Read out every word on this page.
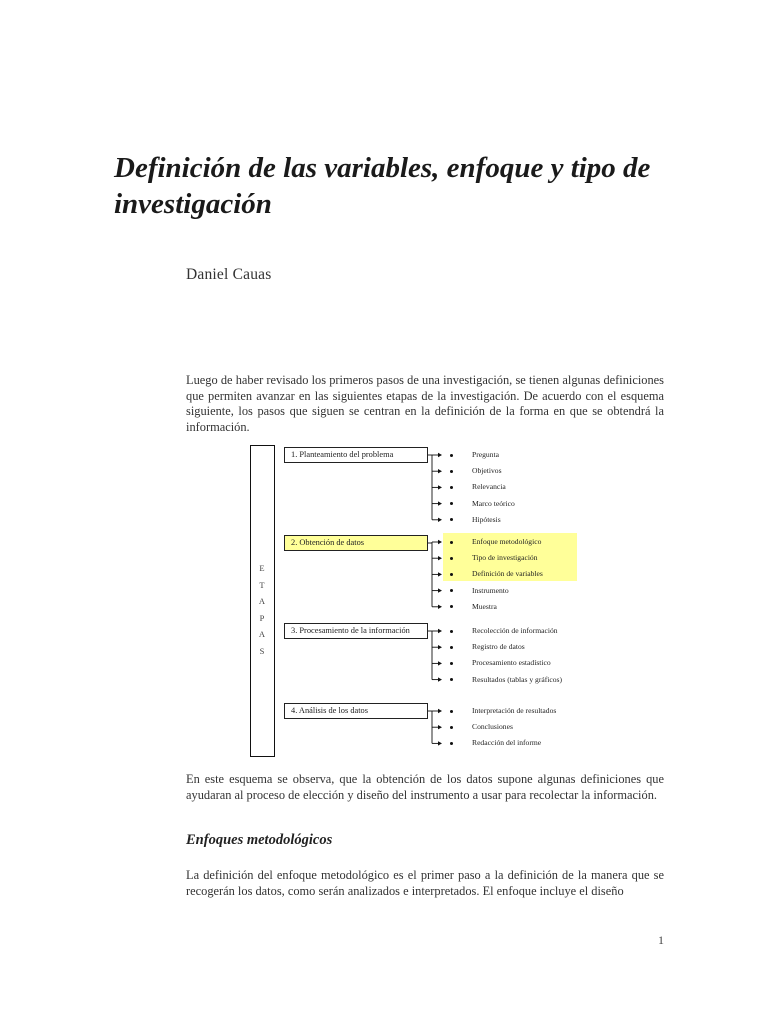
Definición de las variables, enfoque y tipo de investigación

Daniel Cauas

Luego de haber revisado los primeros pasos de una investigación, se tienen algunas definiciones que permiten avanzar en las siguientes etapas de la investigación. De acuerdo con el esquema siguiente, los pasos que siguen se centran en la definición de la forma en que se obtendrá la información.

E
T
A
P
A
S
1. Planteamiento del problema	Pregunta
Objetivos
Relevancia
Marco teórico
Hipótesis
2. Obtención de datos	Enfoque metodológico
Tipo de investigación
Definición de variables
Instrumento
Muestra
3. Procesamiento de la información	Recolección de información
Registro de datos
Procesamiento estadístico
Resultados (tablas y gráficos)
4. Análisis de los datos	Interpretación de resultados
Conclusiones
Redacción del informe

En este esquema se observa, que la obtención de los datos supone algunas definiciones que ayudaran al proceso de elección y diseño del instrumento a usar para recolectar la información.

Enfoques metodológicos

La definición del enfoque metodológico es el primer paso a la definición de la manera que se recogerán los datos, como serán analizados e interpretados. El enfoque incluye el diseño

1
